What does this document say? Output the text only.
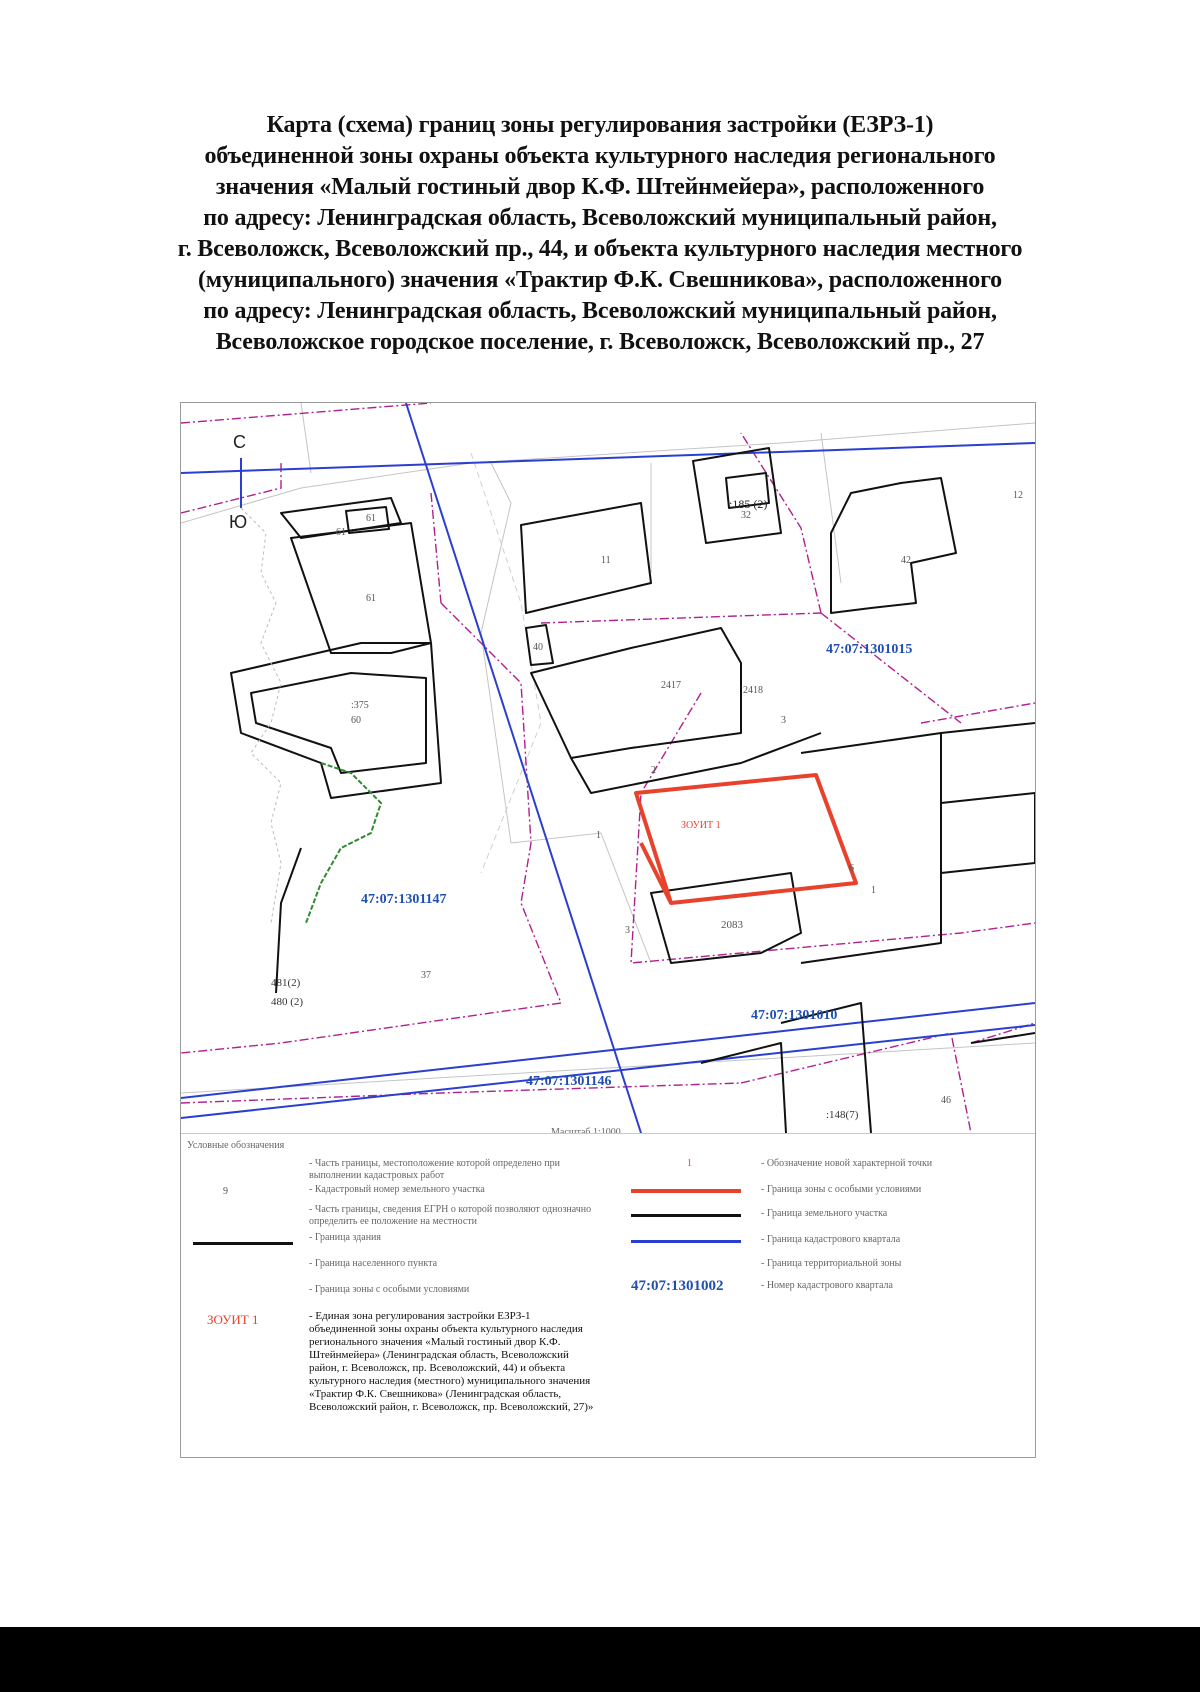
Карта (схема) границ зоны регулирования застройки (ЕЗРЗ-1)
объединенной зоны охраны объекта культурного наследия регионального
значения «Малый гостиный двор К.Ф. Штейнмейера», расположенного
по адресу: Ленинградская область, Всеволожский муниципальный район,
г. Всеволожск, Всеволожский пр., 44, и объекта культурного наследия местного
(муниципального) значения «Трактир Ф.К. Свешникова», расположенного
по адресу: Ленинградская область, Всеволожский муниципальный район,
Всеволожское городское поселение, г. Всеволожск, Всеволожский пр., 27
С
Ю
47:07:1301015
47:07:1301147
47:07:1301010
47:07:1301146
ЗОУИТ 1
61
61
61
11
:185 (2)
32
42
40
2417	2418
3
2
:375
60
1
6
1
3	2083
37
481(2)
480 (2)
:148(7)
46
12
Условные обозначения
- Часть границы, местоположение которой определено при выполнении кадастровых работ
9	- Кадастровый номер земельного участка
- Часть границы, сведения ЕГРН о которой позволяют однозначно определить ее положение на местности
- Граница здания
- Граница населенного пункта
- Граница зоны с особыми условиями
ЗОУИТ 1	- Единая зона регулирования застройки ЕЗРЗ-1 объединенной зоны охраны объекта культурного наследия регионального значения «Малый гостиный двор К.Ф. Штейнмейера» (Ленинградская область, Всеволожский район, г. Всеволожск, пр. Всеволожский, 44) и объекта культурного наследия (местного) муниципального значения «Трактир Ф.К. Свешникова» (Ленинградская область, Всеволожский район, г. Всеволожск, пр. Всеволожский, 27)»
1	- Обозначение новой характерной точки
- Граница зоны с особыми условиями
- Граница земельного участка
- Граница кадастрового квартала
- Граница территориальной зоны
47:07:1301002	- Номер кадастрового квартала
